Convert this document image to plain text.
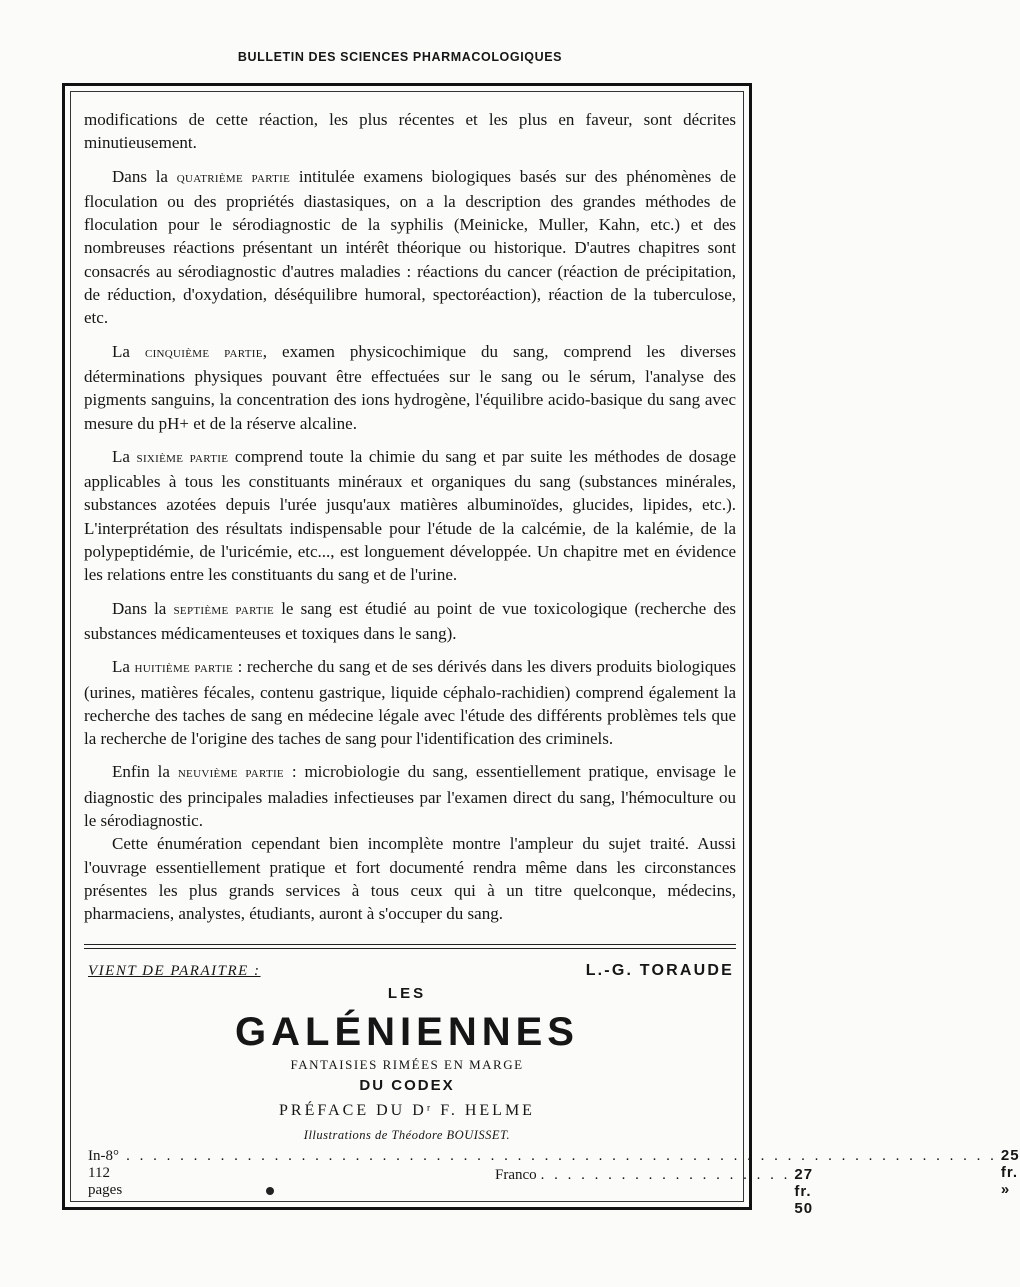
BULLETIN DES SCIENCES PHARMACOLOGIQUES

modifications de cette réaction, les plus récentes et les plus en faveur, sont décrites minutieusement.

Dans la quatrième partie intitulée examens biologiques basés sur des phénomènes de floculation ou des propriétés diastasiques, on a la description des grandes méthodes de floculation pour le sérodiagnostic de la syphilis (Meinicke, Muller, Kahn, etc.) et des nombreuses réactions présentant un intérêt théorique ou historique. D'autres chapitres sont consacrés au sérodiagnostic d'autres maladies : réactions du cancer (réaction de précipitation, de réduction, d'oxydation, déséquilibre humoral, spectoréaction), réaction de la tuberculose, etc.

La cinquième partie, examen physicochimique du sang, comprend les diverses déterminations physiques pouvant être effectuées sur le sang ou le sérum, l'analyse des pigments sanguins, la concentration des ions hydrogène, l'équilibre acido-basique du sang avec mesure du pH+ et de la réserve alcaline.

La sixième partie comprend toute la chimie du sang et par suite les méthodes de dosage applicables à tous les constituants minéraux et organiques du sang (substances minérales, substances azotées depuis l'urée jusqu'aux matières albuminoïdes, glucides, lipides, etc.). L'interprétation des résultats indispensable pour l'étude de la calcémie, de la kalémie, de la polypeptidémie, de l'uricémie, etc..., est longuement développée. Un chapitre met en évidence les relations entre les constituants du sang et de l'urine.

Dans la septième partie le sang est étudié au point de vue toxicologique (recherche des substances médicamenteuses et toxiques dans le sang).

La huitième partie : recherche du sang et de ses dérivés dans les divers produits biologiques (urines, matières fécales, contenu gastrique, liquide céphalo-rachidien) comprend également la recherche des taches de sang en médecine légale avec l'étude des différents problèmes tels que la recherche de l'origine des taches de sang pour l'identification des criminels.

Enfin la neuvième partie : microbiologie du sang, essentiellement pratique, envisage le diagnostic des principales maladies infectieuses par l'examen direct du sang, l'hémoculture ou le sérodiagnostic.

Cette énumération cependant bien incomplète montre l'ampleur du sujet traité. Aussi l'ouvrage essentiellement pratique et fort documenté rendra même dans les circonstances présentes les plus grands services à tous ceux qui à un titre quelconque, médecins, pharmaciens, analystes, étudiants, auront à s'occuper du sang.

VIENT DE PARAITRE :	L.-G. TORAUDE
LES
GALÉNIENNES
FANTAISIES RIMÉES EN MARGE
DU CODEX
PRÉFACE DU Dʳ F. HELME
Illustrations de Théodore BOUISSET.
In-8° 112 pages
. . . . . . . . . . . . . . . . . . . . . . . . . . . . . . . . . . . . . . . . . . . . . . . . . . . . . . . . . . . . . . . . . 25 fr. »
Franco . . . . . . . . . . . . . . . . . . . 27 fr. 50
